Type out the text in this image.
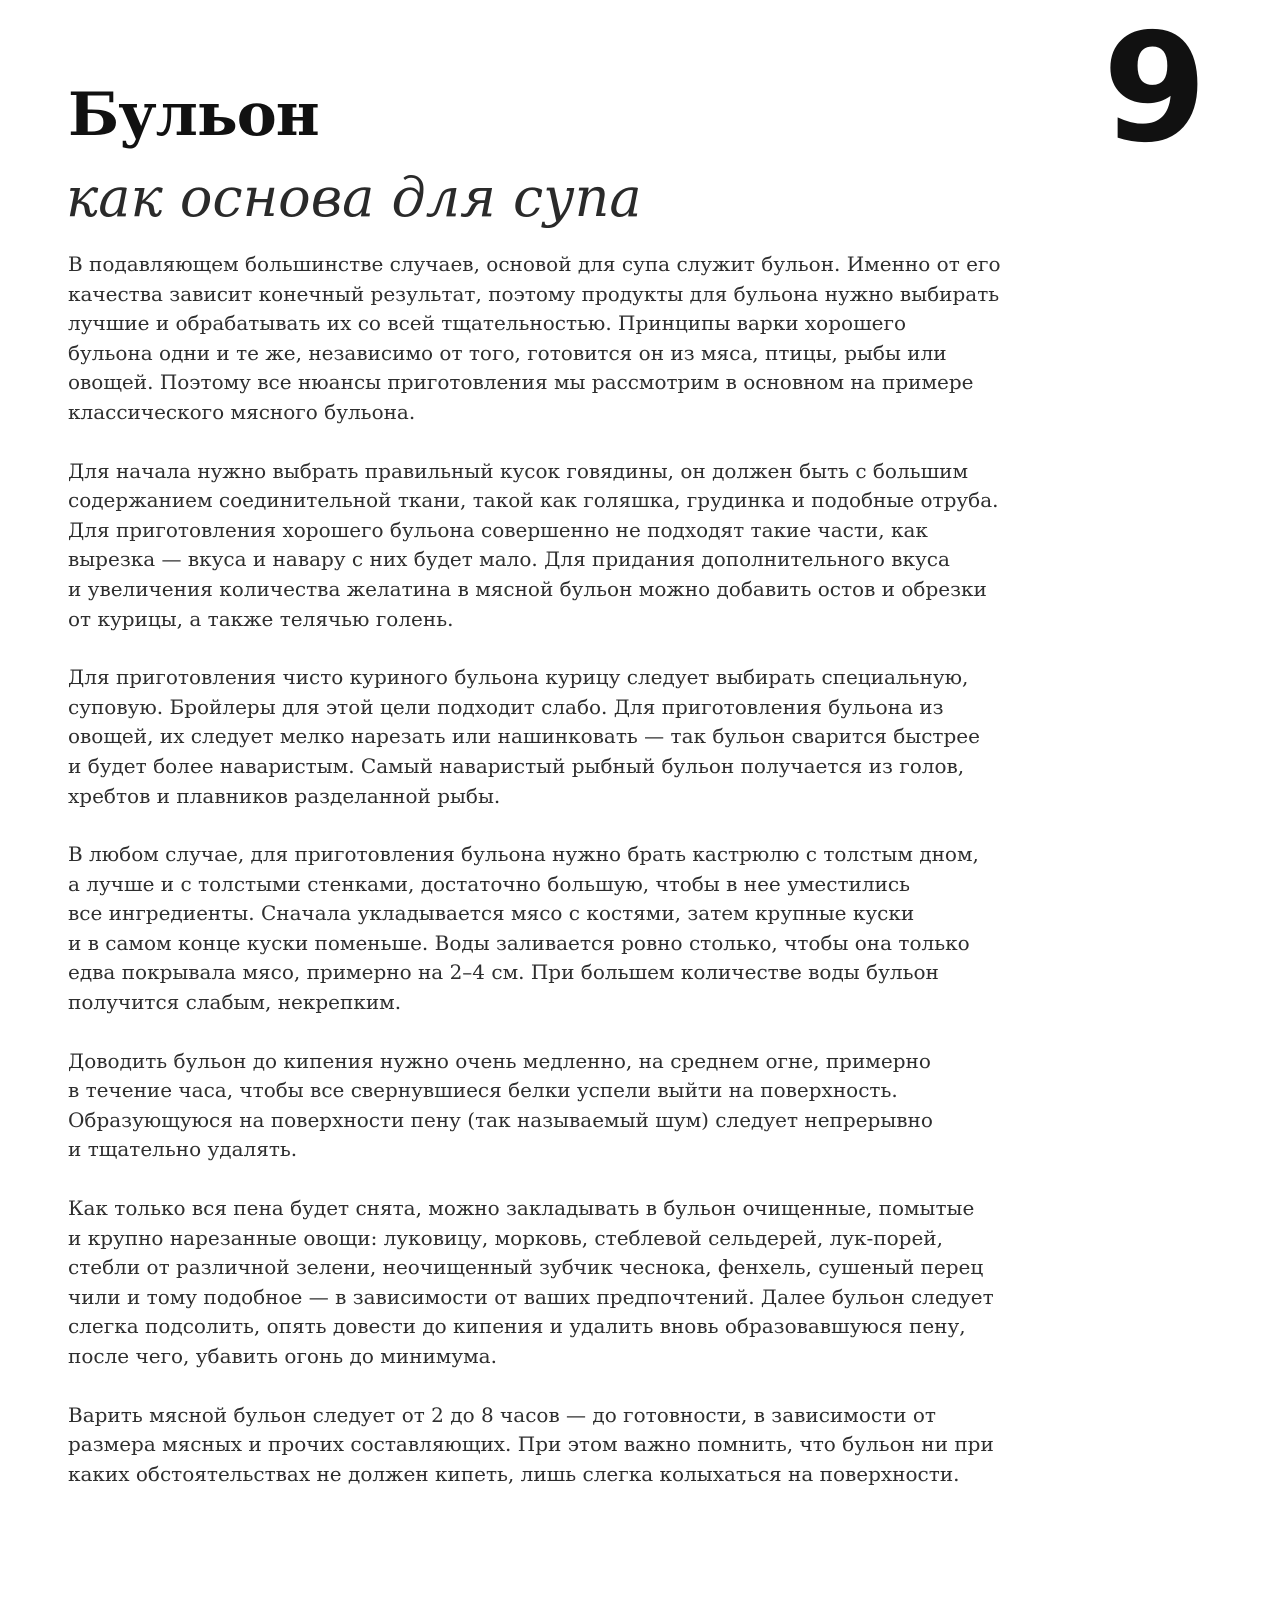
9
Бульон
как основа для супа

В подавляющем большинстве случаев, основой для супа служит бульон. Именно от его
качества зависит конечный результат, поэтому продукты для бульона нужно выбирать
лучшие и обрабатывать их со всей тщательностью. Принципы варки хорошего
бульона одни и те же, независимо от того, готовится он из мяса, птицы, рыбы или
овощей. Поэтому все нюансы приготовления мы рассмотрим в основном на примере
классического мясного бульона.

Для начала нужно выбрать правильный кусок говядины, он должен быть с большим
содержанием соединительной ткани, такой как голяшка, грудинка и подобные отруба.
Для приготовления хорошего бульона совершенно не подходят такие части, как
вырезка — вкуса и навару с них будет мало. Для придания дополнительного вкуса
и увеличения количества желатина в мясной бульон можно добавить остов и обрезки
от курицы, а также телячью голень.

Для приготовления чисто куриного бульона курицу следует выбирать специальную,
суповую. Бройлеры для этой цели подходит слабо. Для приготовления бульона из
овощей, их следует мелко нарезать или нашинковать — так бульон сварится быстрее
и будет более наваристым. Самый наваристый рыбный бульон получается из голов,
хребтов и плавников разделанной рыбы.

В любом случае, для приготовления бульона нужно брать кастрюлю с толстым дном,
а лучше и с толстыми стенками, достаточно большую, чтобы в нее уместились
все ингредиенты. Сначала укладывается мясо с костями, затем крупные куски
и в самом конце куски поменьше. Воды заливается ровно столько, чтобы она только
едва покрывала мясо, примерно на 2–4 см. При большем количестве воды бульон
получится слабым, некрепким.

Доводить бульон до кипения нужно очень медленно, на среднем огне, примерно
в течение часа, чтобы все свернувшиеся белки успели выйти на поверхность.
Образующуюся на поверхности пену (так называемый шум) следует непрерывно
и тщательно удалять.

Как только вся пена будет снята, можно закладывать в бульон очищенные, помытые
и крупно нарезанные овощи: луковицу, морковь, стеблевой сельдерей, лук-порей,
стебли от различной зелени, неочищенный зубчик чеснока, фенхель, сушеный перец
чили и тому подобное — в зависимости от ваших предпочтений. Далее бульон следует
слегка подсолить, опять довести до кипения и удалить вновь образовавшуюся пену,
после чего, убавить огонь до минимума.

Варить мясной бульон следует от 2 до 8 часов — до готовности, в зависимости от
размера мясных и прочих составляющих. При этом важно помнить, что бульон ни при
каких обстоятельствах не должен кипеть, лишь слегка колыхаться на поверхности.
